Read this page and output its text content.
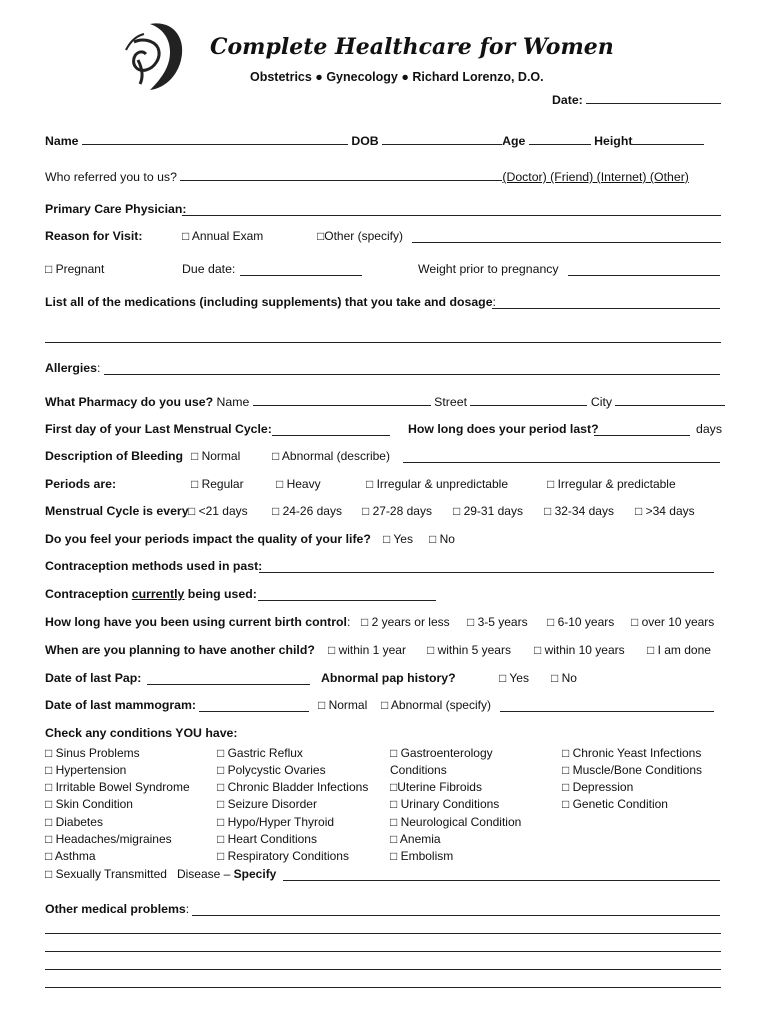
Complete Healthcare for Women
Obstetrics ● Gynecology ● Richard Lorenzo, D.O.
Date:
Name	DOB	Age	Height
Who referred you to us?	(Doctor) (Friend) (Internet) (Other)
Primary Care Physician:
Reason for Visit:	□ Annual Exam	□Other (specify)
□ Pregnant	Due date:	Weight prior to pregnancy
List all of the medications (including supplements) that you take and dosage:
Allergies:
What Pharmacy do you use? Name	Street	City
First day of your Last Menstrual Cycle:	How long does your period last?	days
Description of Bleeding □ Normal	□ Abnormal (describe)
Periods are:	□ Regular	□ Heavy	□ Irregular & unpredictable	□ Irregular & predictable
Menstrual Cycle is every □ <21 days □ 24-26 days □ 27-28 days □ 29-31 days □ 32-34 days □ >34 days
Do you feel your periods impact the quality of your life? □ Yes □ No
Contraception methods used in past:
Contraception currently being used:
How long have you been using current birth control: □ 2 years or less □ 3-5 years □ 6-10 years □ over 10 years
When are you planning to have another child? □ within 1 year □ within 5 years □ within 10 years □ I am done
Date of last Pap:	Abnormal pap history?	□ Yes □ No
Date of last mammogram:	□ Normal □ Abnormal (specify)
Check any conditions YOU have:
□ Sinus Problems
□ Hypertension
□ Irritable Bowel Syndrome
□ Skin Condition
□ Diabetes
□ Headaches/migraines
□ Asthma
□ Gastric Reflux
□ Polycystic Ovaries
□ Chronic Bladder Infections
□ Seizure Disorder
□ Hypo/Hyper Thyroid
□ Heart Conditions
□ Respiratory Conditions
□ Gastroenterology
Conditions
□Uterine Fibroids
□ Urinary Conditions
□ Neurological Condition
□ Anemia
□ Embolism
□ Chronic Yeast Infections
□ Muscle/Bone Conditions
□ Depression
□ Genetic Condition
□ Sexually Transmitted   Disease – Specify
Other medical problems:
